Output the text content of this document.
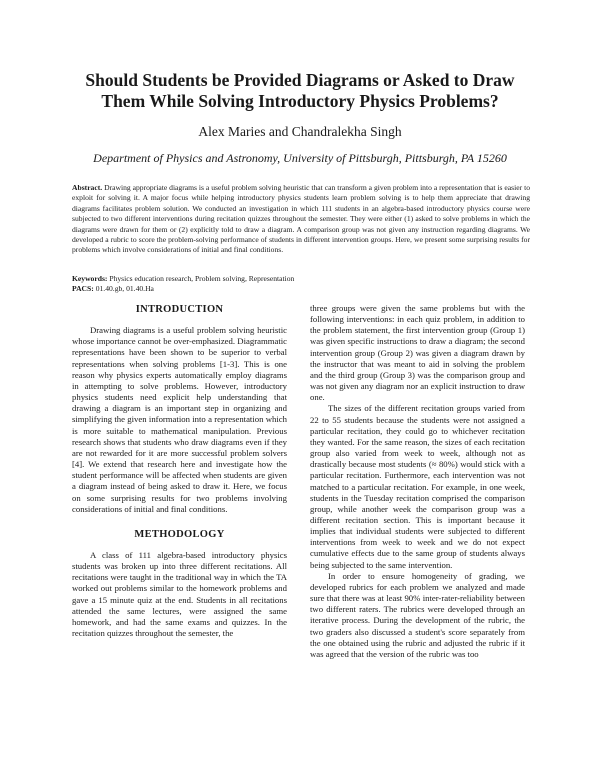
Should Students be Provided Diagrams or Asked to Draw
Them While Solving Introductory Physics Problems?
Alex Maries and Chandralekha Singh
Department of Physics and Astronomy, University of Pittsburgh, Pittsburgh, PA 15260
Abstract. Drawing appropriate diagrams is a useful problem solving heuristic that can transform a given problem into a representation that is easier to exploit for solving it. A major focus while helping introductory physics students learn problem solving is to help them appreciate that drawing diagrams facilitates problem solution. We conducted an investigation in which 111 students in an algebra-based introductory physics course were subjected to two different interventions during recitation quizzes throughout the semester. They were either (1) asked to solve problems in which the diagrams were drawn for them or (2) explicitly told to draw a diagram. A comparison group was not given any instruction regarding diagrams. We developed a rubric to score the problem-solving performance of students in different intervention groups. Here, we present some surprising results for problems which involve considerations of initial and final conditions.
Keywords: Physics education research, Problem solving, Representation
PACS: 01.40.gb, 01.40.Ha
INTRODUCTION

Drawing diagrams is a useful problem solving heuristic whose importance cannot be over-emphasized. Diagrammatic representations have been shown to be superior to verbal representations when solving problems [1-3]. This is one reason why physics experts automatically employ diagrams in attempting to solve problems. However, introductory physics students need explicit help understanding that drawing a diagram is an important step in organizing and simplifying the given information into a representation which is more suitable to mathematical manipulation. Previous research shows that students who draw diagrams even if they are not rewarded for it are more successful problem solvers [4]. We extend that research here and investigate how the student performance will be affected when students are given a diagram instead of being asked to draw it. Here, we focus on some surprising results for two problems involving considerations of initial and final conditions.

METHODOLOGY

A class of 111 algebra-based introductory physics students was broken up into three different recitations. All recitations were taught in the traditional way in which the TA worked out problems similar to the homework problems and gave a 15 minute quiz at the end. Students in all recitations attended the same lectures, were assigned the same homework, and had the same exams and quizzes. In the recitation quizzes throughout the semester, the

three groups were given the same problems but with the following interventions: in each quiz problem, in addition to the problem statement, the first intervention group (Group 1) was given specific instructions to draw a diagram; the second intervention group (Group 2) was given a diagram drawn by the instructor that was meant to aid in solving the problem and the third group (Group 3) was the comparison group and was not given any diagram nor an explicit instruction to draw one.

The sizes of the different recitation groups varied from 22 to 55 students because the students were not assigned a particular recitation, they could go to whichever recitation they wanted. For the same reason, the sizes of each recitation group also varied from week to week, although not as drastically because most students (≈ 80%) would stick with a particular recitation. Furthermore, each intervention was not matched to a particular recitation. For example, in one week, students in the Tuesday recitation comprised the comparison group, while another week the comparison group was a different recitation section. This is important because it implies that individual students were subjected to different interventions from week to week and we do not expect cumulative effects due to the same group of students always being subjected to the same intervention.

In order to ensure homogeneity of grading, we developed rubrics for each problem we analyzed and made sure that there was at least 90% inter-rater-reliability between two different raters. The rubrics were developed through an iterative process. During the development of the rubric, the two graders also discussed a student's score separately from the one obtained using the rubric and adjusted the rubric if it was agreed that the version of the rubric was too
